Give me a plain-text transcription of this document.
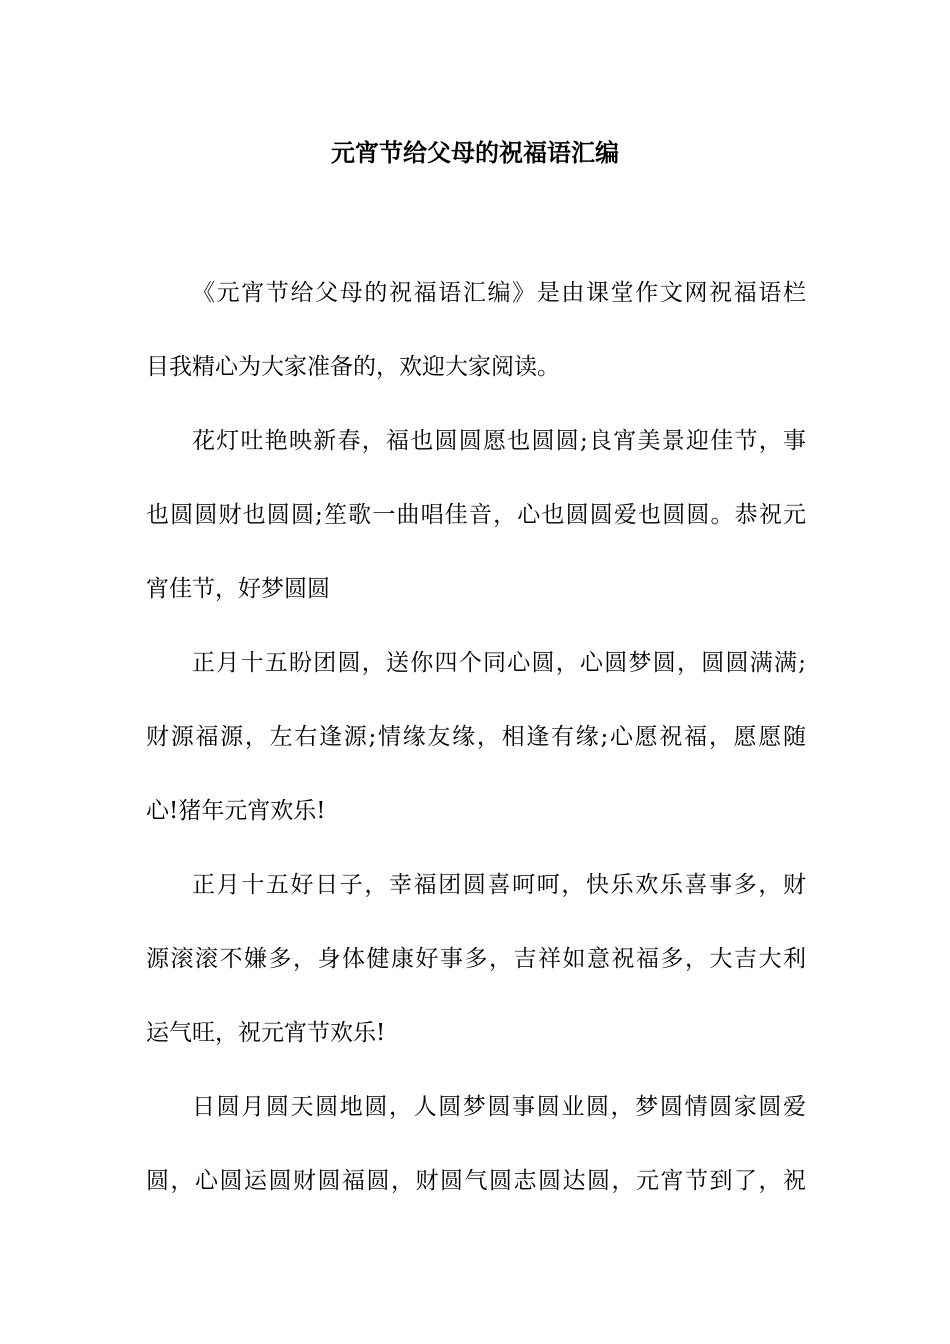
元宵节给父母的祝福语汇编

《元宵节给父母的祝福语汇编》是由课堂作文网祝福语栏
目我精心为大家准备的，欢迎大家阅读。

花灯吐艳映新春，福也圆圆愿也圆圆;良宵美景迎佳节，事
也圆圆财也圆圆;笙歌一曲唱佳音，心也圆圆爱也圆圆。恭祝元
宵佳节，好梦圆圆

正月十五盼团圆，送你四个同心圆，心圆梦圆，圆圆满满;
财源福源，左右逢源;情缘友缘，相逢有缘;心愿祝福，愿愿随
心!猪年元宵欢乐!

正月十五好日子，幸福团圆喜呵呵，快乐欢乐喜事多，财
源滚滚不嫌多，身体健康好事多，吉祥如意祝福多，大吉大利
运气旺，祝元宵节欢乐!

日圆月圆天圆地圆，人圆梦圆事圆业圆，梦圆情圆家圆爱
圆，心圆运圆财圆福圆，财圆气圆志圆达圆，元宵节到了，祝
